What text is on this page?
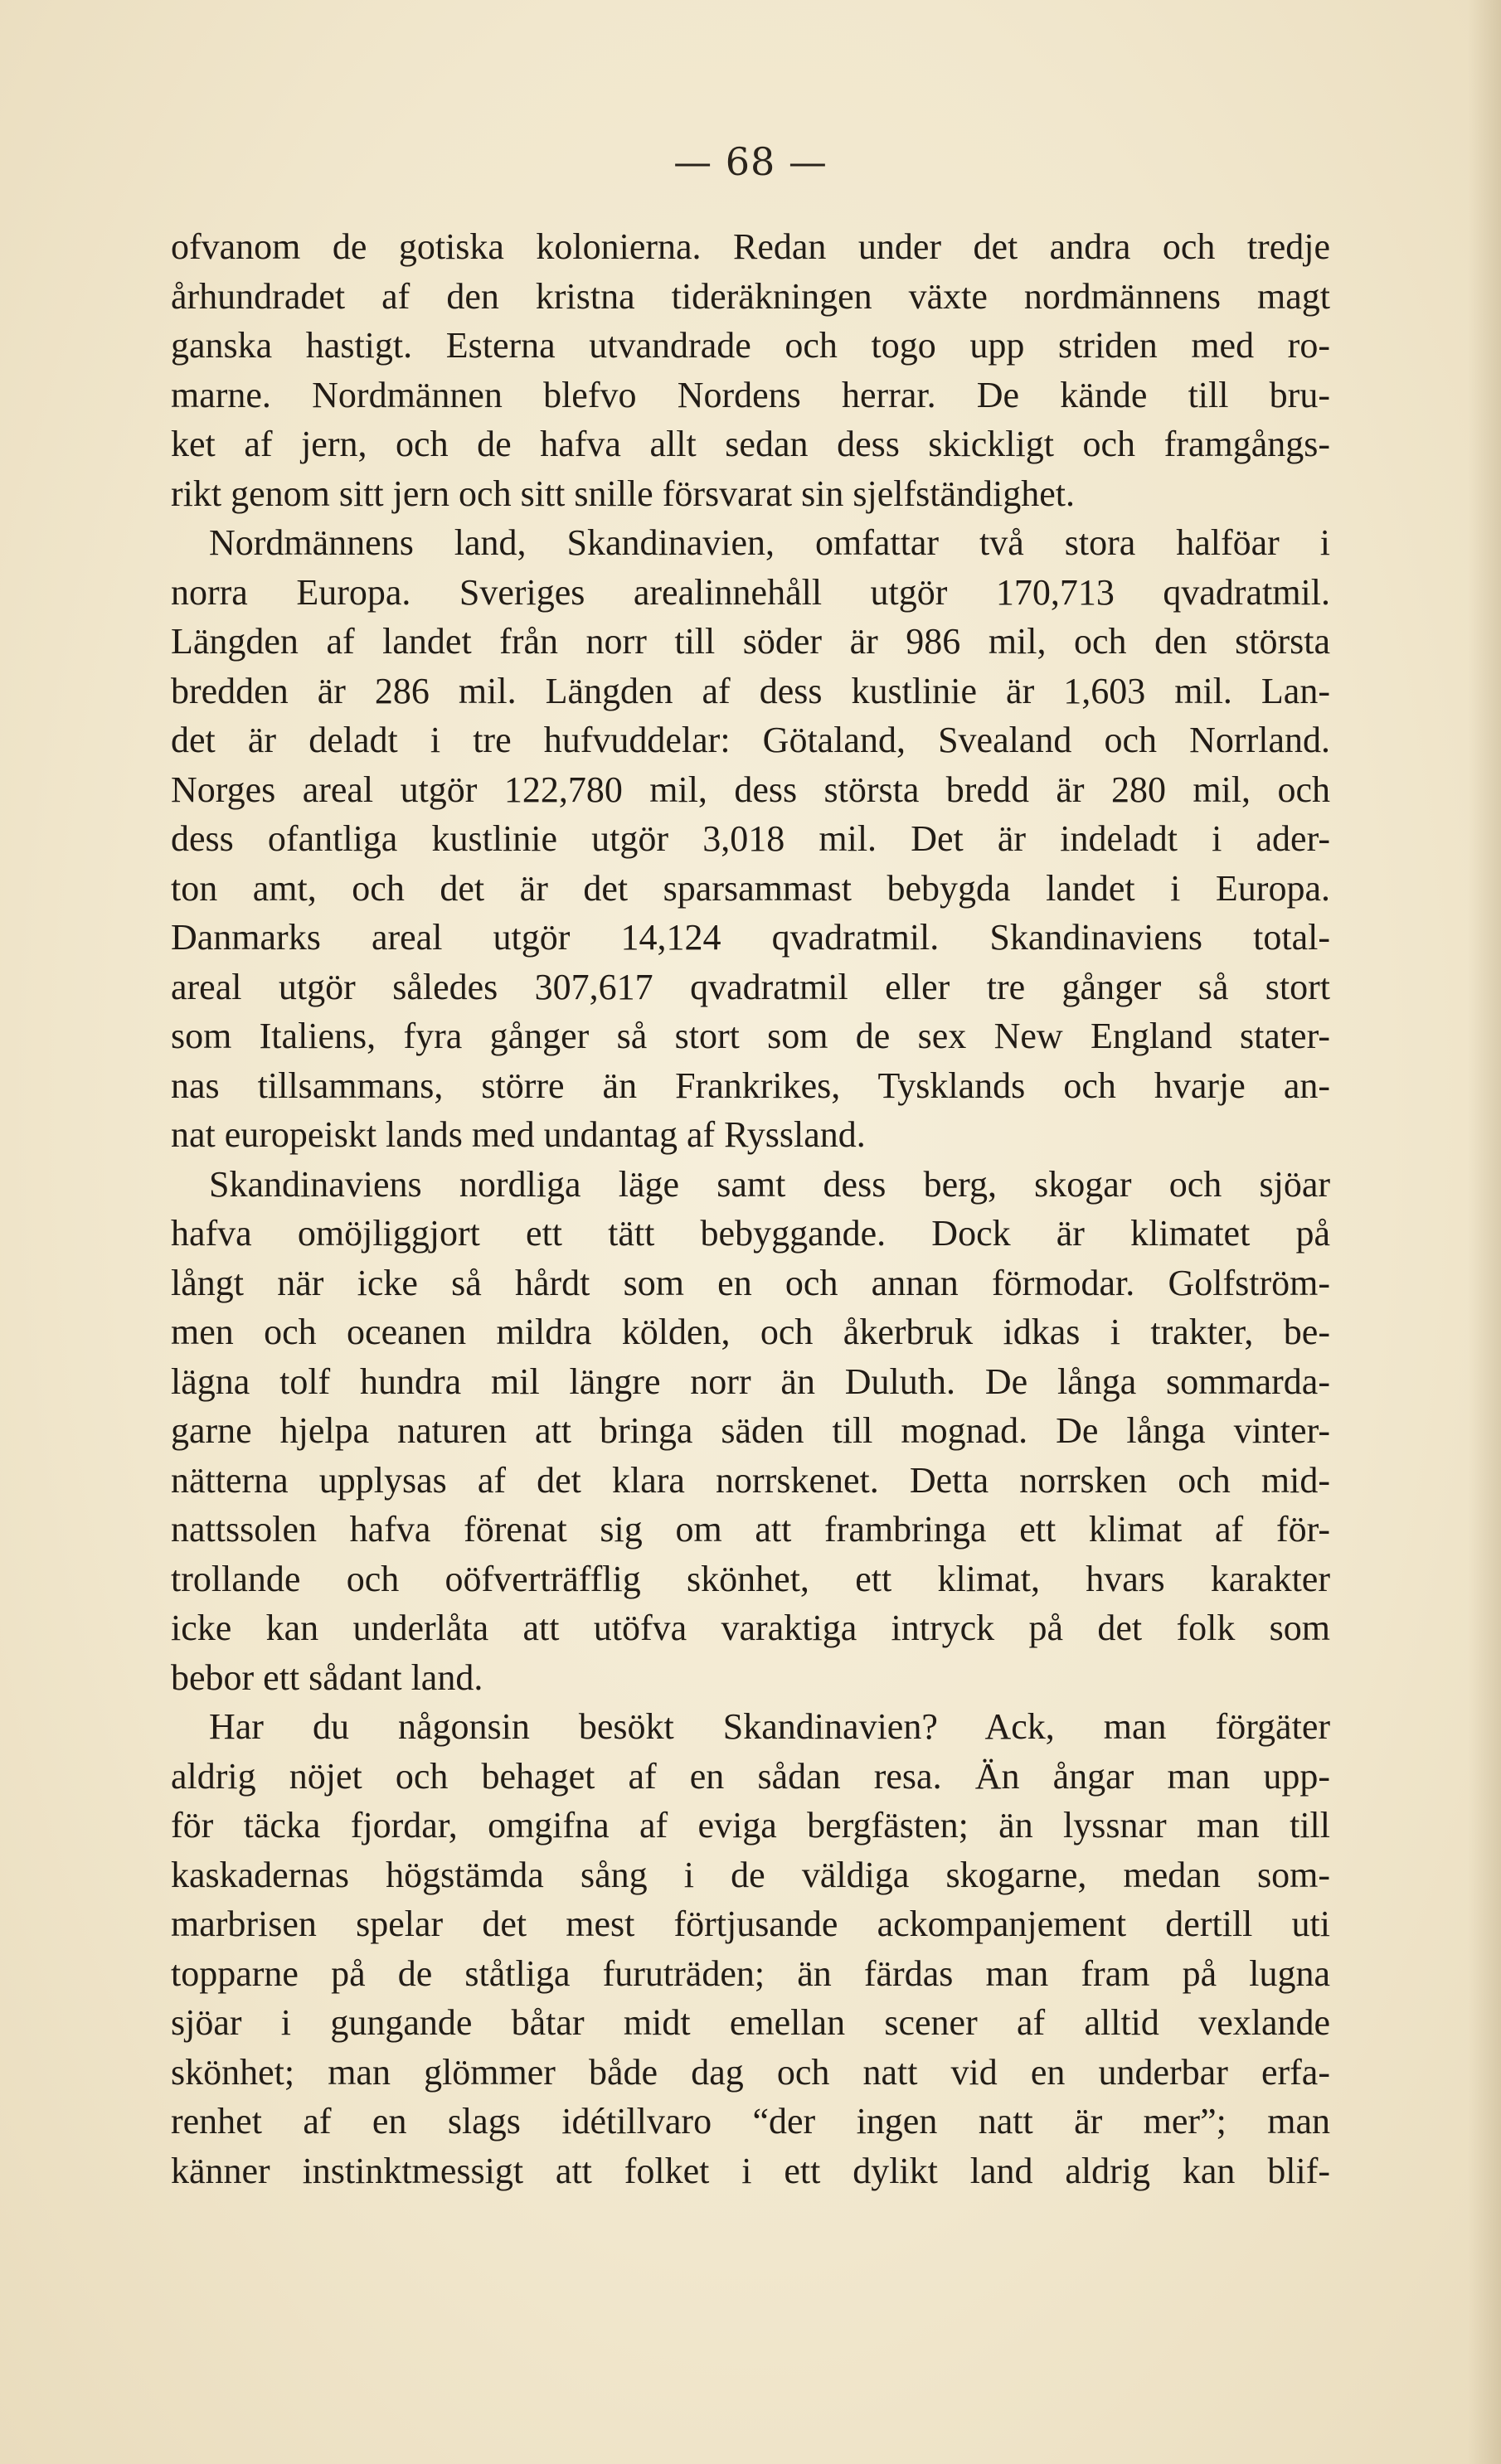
— 68 —
ofvanom de gotiska kolonierna. Redan under det andra och tredje
århundradet af den kristna tideräkningen växte nordmännens magt
ganska hastigt. Esterna utvandrade och togo upp striden med ro-
marne. Nordmännen blefvo Nordens herrar. De kände till bru-
ket af jern, och de hafva allt sedan dess skickligt och framgångs-
rikt genom sitt jern och sitt snille försvarat sin sjelfständighet.
Nordmännens land, Skandinavien, omfattar två stora halföar i
norra Europa. Sveriges arealinnehåll utgör 170,713 qvadratmil.
Längden af landet från norr till söder är 986 mil, och den största
bredden är 286 mil. Längden af dess kustlinie är 1,603 mil. Lan-
det är deladt i tre hufvuddelar: Götaland, Svealand och Norrland.
Norges areal utgör 122,780 mil, dess största bredd är 280 mil, och
dess ofantliga kustlinie utgör 3,018 mil. Det är indeladt i ader-
ton amt, och det är det sparsammast bebygda landet i Europa.
Danmarks areal utgör 14,124 qvadratmil. Skandinaviens total-
areal utgör således 307,617 qvadratmil eller tre gånger så stort
som Italiens, fyra gånger så stort som de sex New England stater-
nas tillsammans, större än Frankrikes, Tysklands och hvarje an-
nat europeiskt lands med undantag af Ryssland.
Skandinaviens nordliga läge samt dess berg, skogar och sjöar
hafva omöjliggjort ett tätt bebyggande. Dock är klimatet på
långt när icke så hårdt som en och annan förmodar. Golfström-
men och oceanen mildra kölden, och åkerbruk idkas i trakter, be-
lägna tolf hundra mil längre norr än Duluth. De långa sommarda-
garne hjelpa naturen att bringa säden till mognad. De långa vinter-
nätterna upplysas af det klara norrskenet. Detta norrsken och mid-
nattssolen hafva förenat sig om att frambringa ett klimat af för-
trollande och oöfverträfflig skönhet, ett klimat, hvars karakter
icke kan underlåta att utöfva varaktiga intryck på det folk som
bebor ett sådant land.
Har du någonsin besökt Skandinavien? Ack, man förgäter
aldrig nöjet och behaget af en sådan resa. Än ångar man upp-
för täcka fjordar, omgifna af eviga bergfästen; än lyssnar man till
kaskadernas högstämda sång i de väldiga skogarne, medan som-
marbrisen spelar det mest förtjusande ackompanjement dertill uti
topparne på de ståtliga furuträden; än färdas man fram på lugna
sjöar i gungande båtar midt emellan scener af alltid vexlande
skönhet; man glömmer både dag och natt vid en underbar erfa-
renhet af en slags idétillvaro “der ingen natt är mer”; man
känner instinktmessigt att folket i ett dylikt land aldrig kan blif-
